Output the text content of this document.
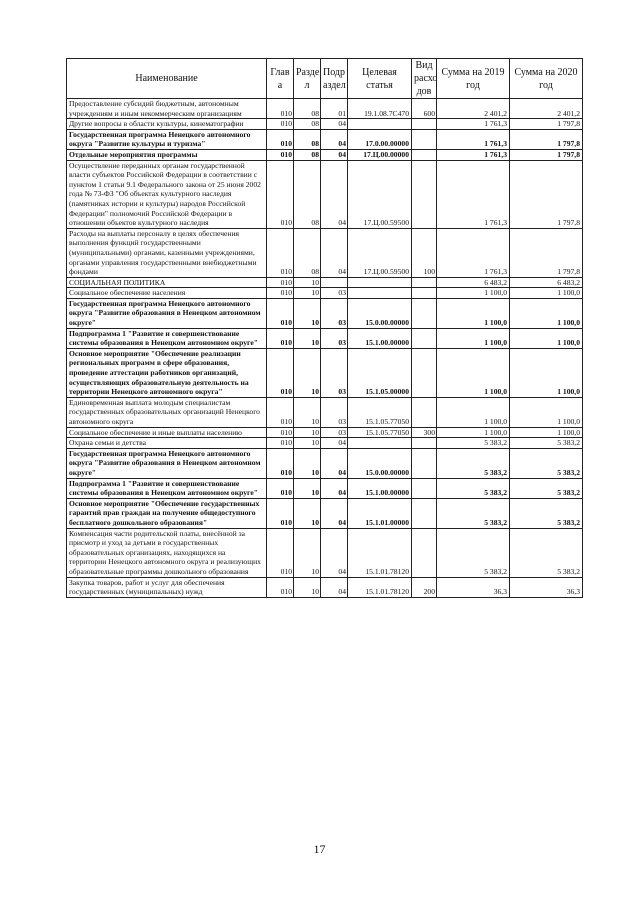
Наименование	Глав а	Разде л	Подр аздел	Целевая статья	Вид расхо дов	Сумма на 2019 год	Сумма на 2020 год
Предоставление субсидий бюджетным, автономным учреждениям и иным некоммерческим организациям	010	08	01	19.1.08.7С470	600	2 401,2	2 401,2
Другие вопросы в области культуры, кинематографии	010	08	04			1 761,3	1 797,8
Государственная программа Ненецкого автономного округа "Развитие культуры и туризма"	010	08	04	17.0.00.00000		1 761,3	1 797,8
Отдельные мероприятия программы	010	08	04	17.Ц.00.00000		1 761,3	1 797,8
Осуществление переданных органам государственной власти субъектов Российской Федерации в соответствии с пунктом 1 статьи 9.1 Федерального закона от 25 июня 2002 года № 73-ФЗ "Об объектах культурного наследия (памятниках истории и культуры) народов Российской Федерации" полномочий Российской Федерации в отношении объектов культурного наследия	010	08	04	17.Ц.00.59500		1 761,3	1 797,8
Расходы на выплаты персоналу в целях обеспечения выполнения функций государственными (муниципальными) органами, казенными учреждениями, органами управления государственными внебюджетными фондами	010	08	04	17.Ц.00.59500	100	1 761,3	1 797,8
СОЦИАЛЬНАЯ ПОЛИТИКА	010	10				6 483,2	6 483,2
Социальное обеспечение населения	010	10	03			1 100,0	1 100,0
Государственная программа Ненецкого автономного округа "Развитие образования в Ненецком автономном округе"	010	10	03	15.0.00.00000		1 100,0	1 100,0
Подпрограмма 1 "Развитие и совершенствование системы образования в Ненецком автономном округе"	010	10	03	15.1.00.00000		1 100,0	1 100,0
Основное мероприятие "Обеспечение реализации региональных программ в сфере образования, проведение аттестации работников организаций, осуществляющих образовательную деятельность на территории Ненецкого автономного округа"	010	10	03	15.1.05.00000		1 100,0	1 100,0
Единовременная выплата молодым специалистам государственных образовательных организаций Ненецкого автономного округа	010	10	03	15.1.05.77050		1 100,0	1 100,0
Социальное обеспечение и иные выплаты населению	010	10	03	15.1.05.77050	300	1 100,0	1 100,0
Охрана семьи и детства	010	10	04			5 383,2	5 383,2
Государственная программа Ненецкого автономного округа "Развитие образования в Ненецком автономном округе"	010	10	04	15.0.00.00000		5 383,2	5 383,2
Подпрограмма 1 "Развитие и совершенствование системы образования в Ненецком автономном округе"	010	10	04	15.1.00.00000		5 383,2	5 383,2
Основное мероприятие "Обеспечение государственных гарантий прав граждан на получение общедоступного бесплатного дошкольного образования"	010	10	04	15.1.01.00000		5 383,2	5 383,2
Компенсация части родительской платы, внесённой за присмотр и уход за детьми в государственных образовательных организациях, находящихся на территории Ненецкого автономного округа и реализующих образовательные программы дошкольного образования	010	10	04	15.1.01.78120		5 383,2	5 383,2
Закупка товаров, работ и услуг для обеспечения государственных (муниципальных) нужд	010	10	04	15.1.01.78120	200	36,3	36,3
17
